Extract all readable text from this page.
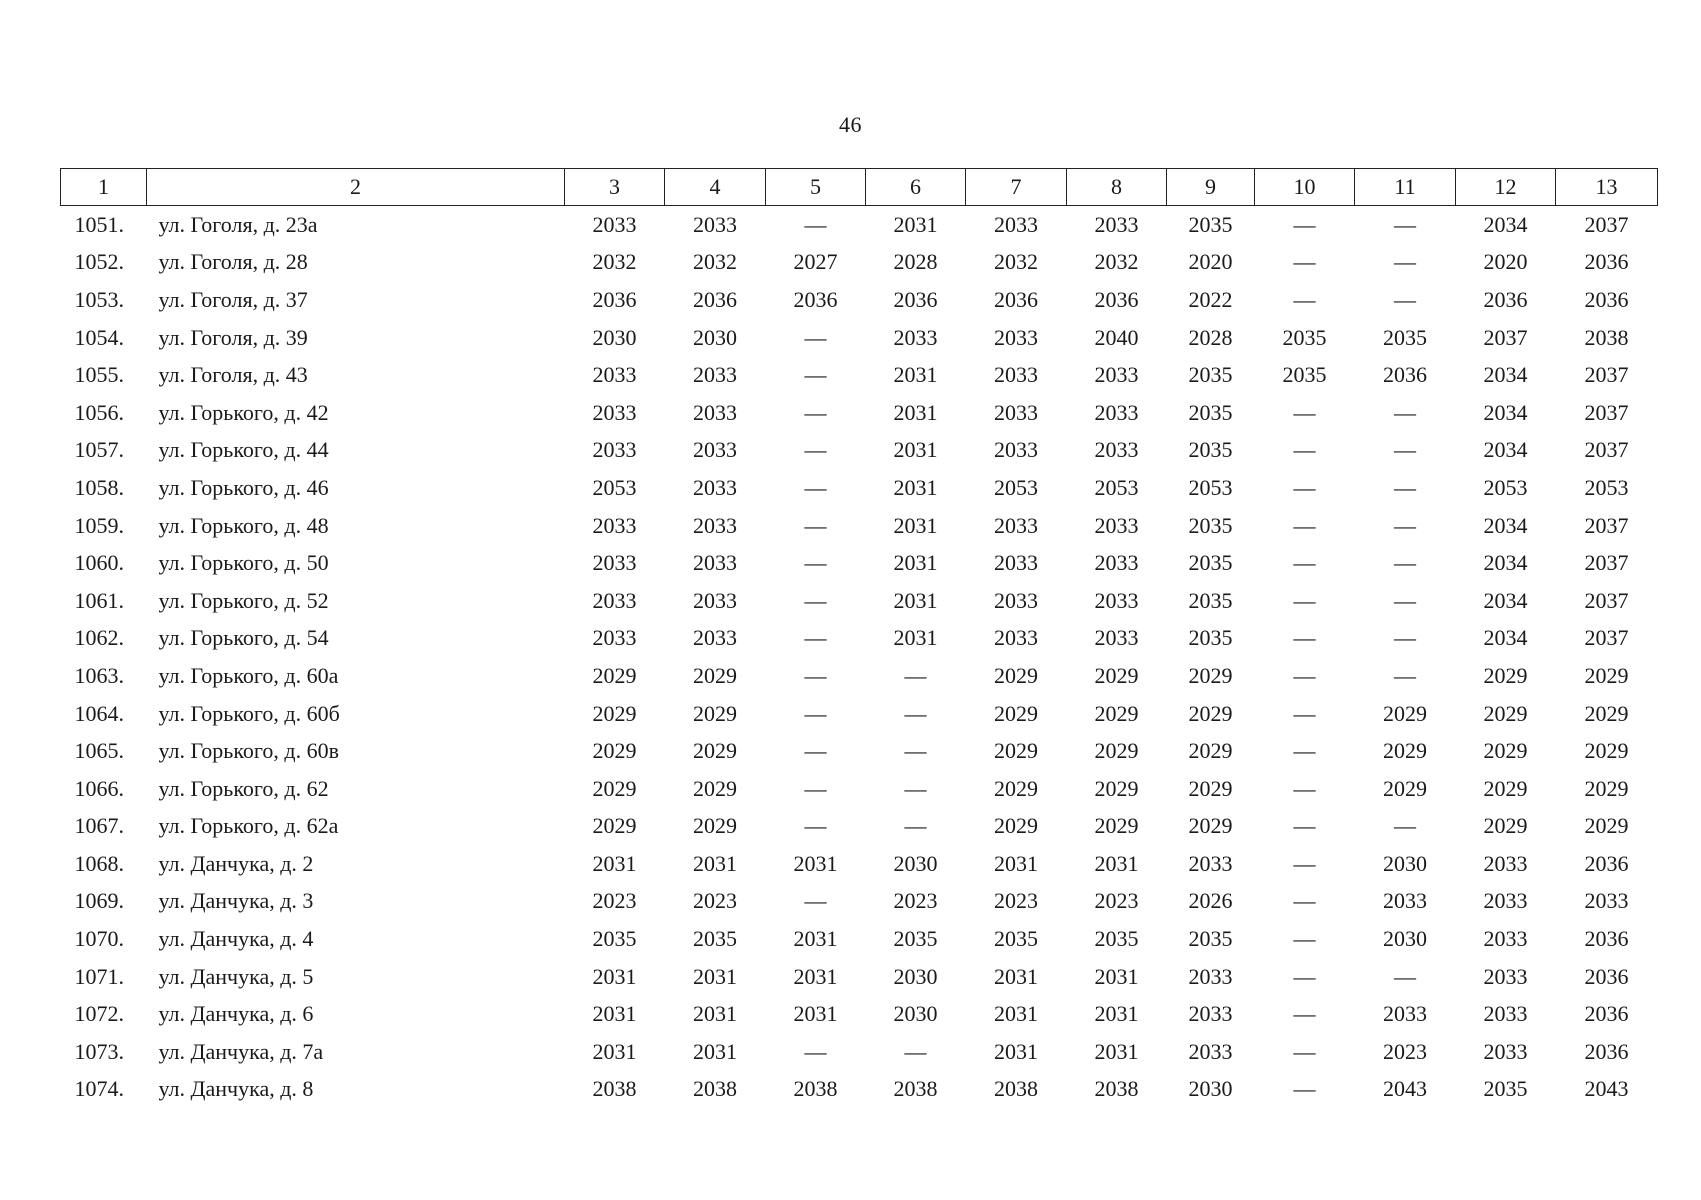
46
1	2	3	4	5	6	7	8	9	10	11	12	13
1051.	ул. Гоголя, д. 23а	2033	2033	—	2031	2033	2033	2035	—	—	2034	2037
1052.	ул. Гоголя, д. 28	2032	2032	2027	2028	2032	2032	2020	—	—	2020	2036
1053.	ул. Гоголя, д. 37	2036	2036	2036	2036	2036	2036	2022	—	—	2036	2036
1054.	ул. Гоголя, д. 39	2030	2030	—	2033	2033	2040	2028	2035	2035	2037	2038
1055.	ул. Гоголя, д. 43	2033	2033	—	2031	2033	2033	2035	2035	2036	2034	2037
1056.	ул. Горького, д. 42	2033	2033	—	2031	2033	2033	2035	—	—	2034	2037
1057.	ул. Горького, д. 44	2033	2033	—	2031	2033	2033	2035	—	—	2034	2037
1058.	ул. Горького, д. 46	2053	2033	—	2031	2053	2053	2053	—	—	2053	2053
1059.	ул. Горького, д. 48	2033	2033	—	2031	2033	2033	2035	—	—	2034	2037
1060.	ул. Горького, д. 50	2033	2033	—	2031	2033	2033	2035	—	—	2034	2037
1061.	ул. Горького, д. 52	2033	2033	—	2031	2033	2033	2035	—	—	2034	2037
1062.	ул. Горького, д. 54	2033	2033	—	2031	2033	2033	2035	—	—	2034	2037
1063.	ул. Горького, д. 60а	2029	2029	—	—	2029	2029	2029	—	—	2029	2029
1064.	ул. Горького, д. 60б	2029	2029	—	—	2029	2029	2029	—	2029	2029	2029
1065.	ул. Горького, д. 60в	2029	2029	—	—	2029	2029	2029	—	2029	2029	2029
1066.	ул. Горького, д. 62	2029	2029	—	—	2029	2029	2029	—	2029	2029	2029
1067.	ул. Горького, д. 62а	2029	2029	—	—	2029	2029	2029	—	—	2029	2029
1068.	ул. Данчука, д. 2	2031	2031	2031	2030	2031	2031	2033	—	2030	2033	2036
1069.	ул. Данчука, д. 3	2023	2023	—	2023	2023	2023	2026	—	2033	2033	2033
1070.	ул. Данчука, д. 4	2035	2035	2031	2035	2035	2035	2035	—	2030	2033	2036
1071.	ул. Данчука, д. 5	2031	2031	2031	2030	2031	2031	2033	—	—	2033	2036
1072.	ул. Данчука, д. 6	2031	2031	2031	2030	2031	2031	2033	—	2033	2033	2036
1073.	ул. Данчука, д. 7а	2031	2031	—	—	2031	2031	2033	—	2023	2033	2036
1074.	ул. Данчука, д. 8	2038	2038	2038	2038	2038	2038	2030	—	2043	2035	2043
